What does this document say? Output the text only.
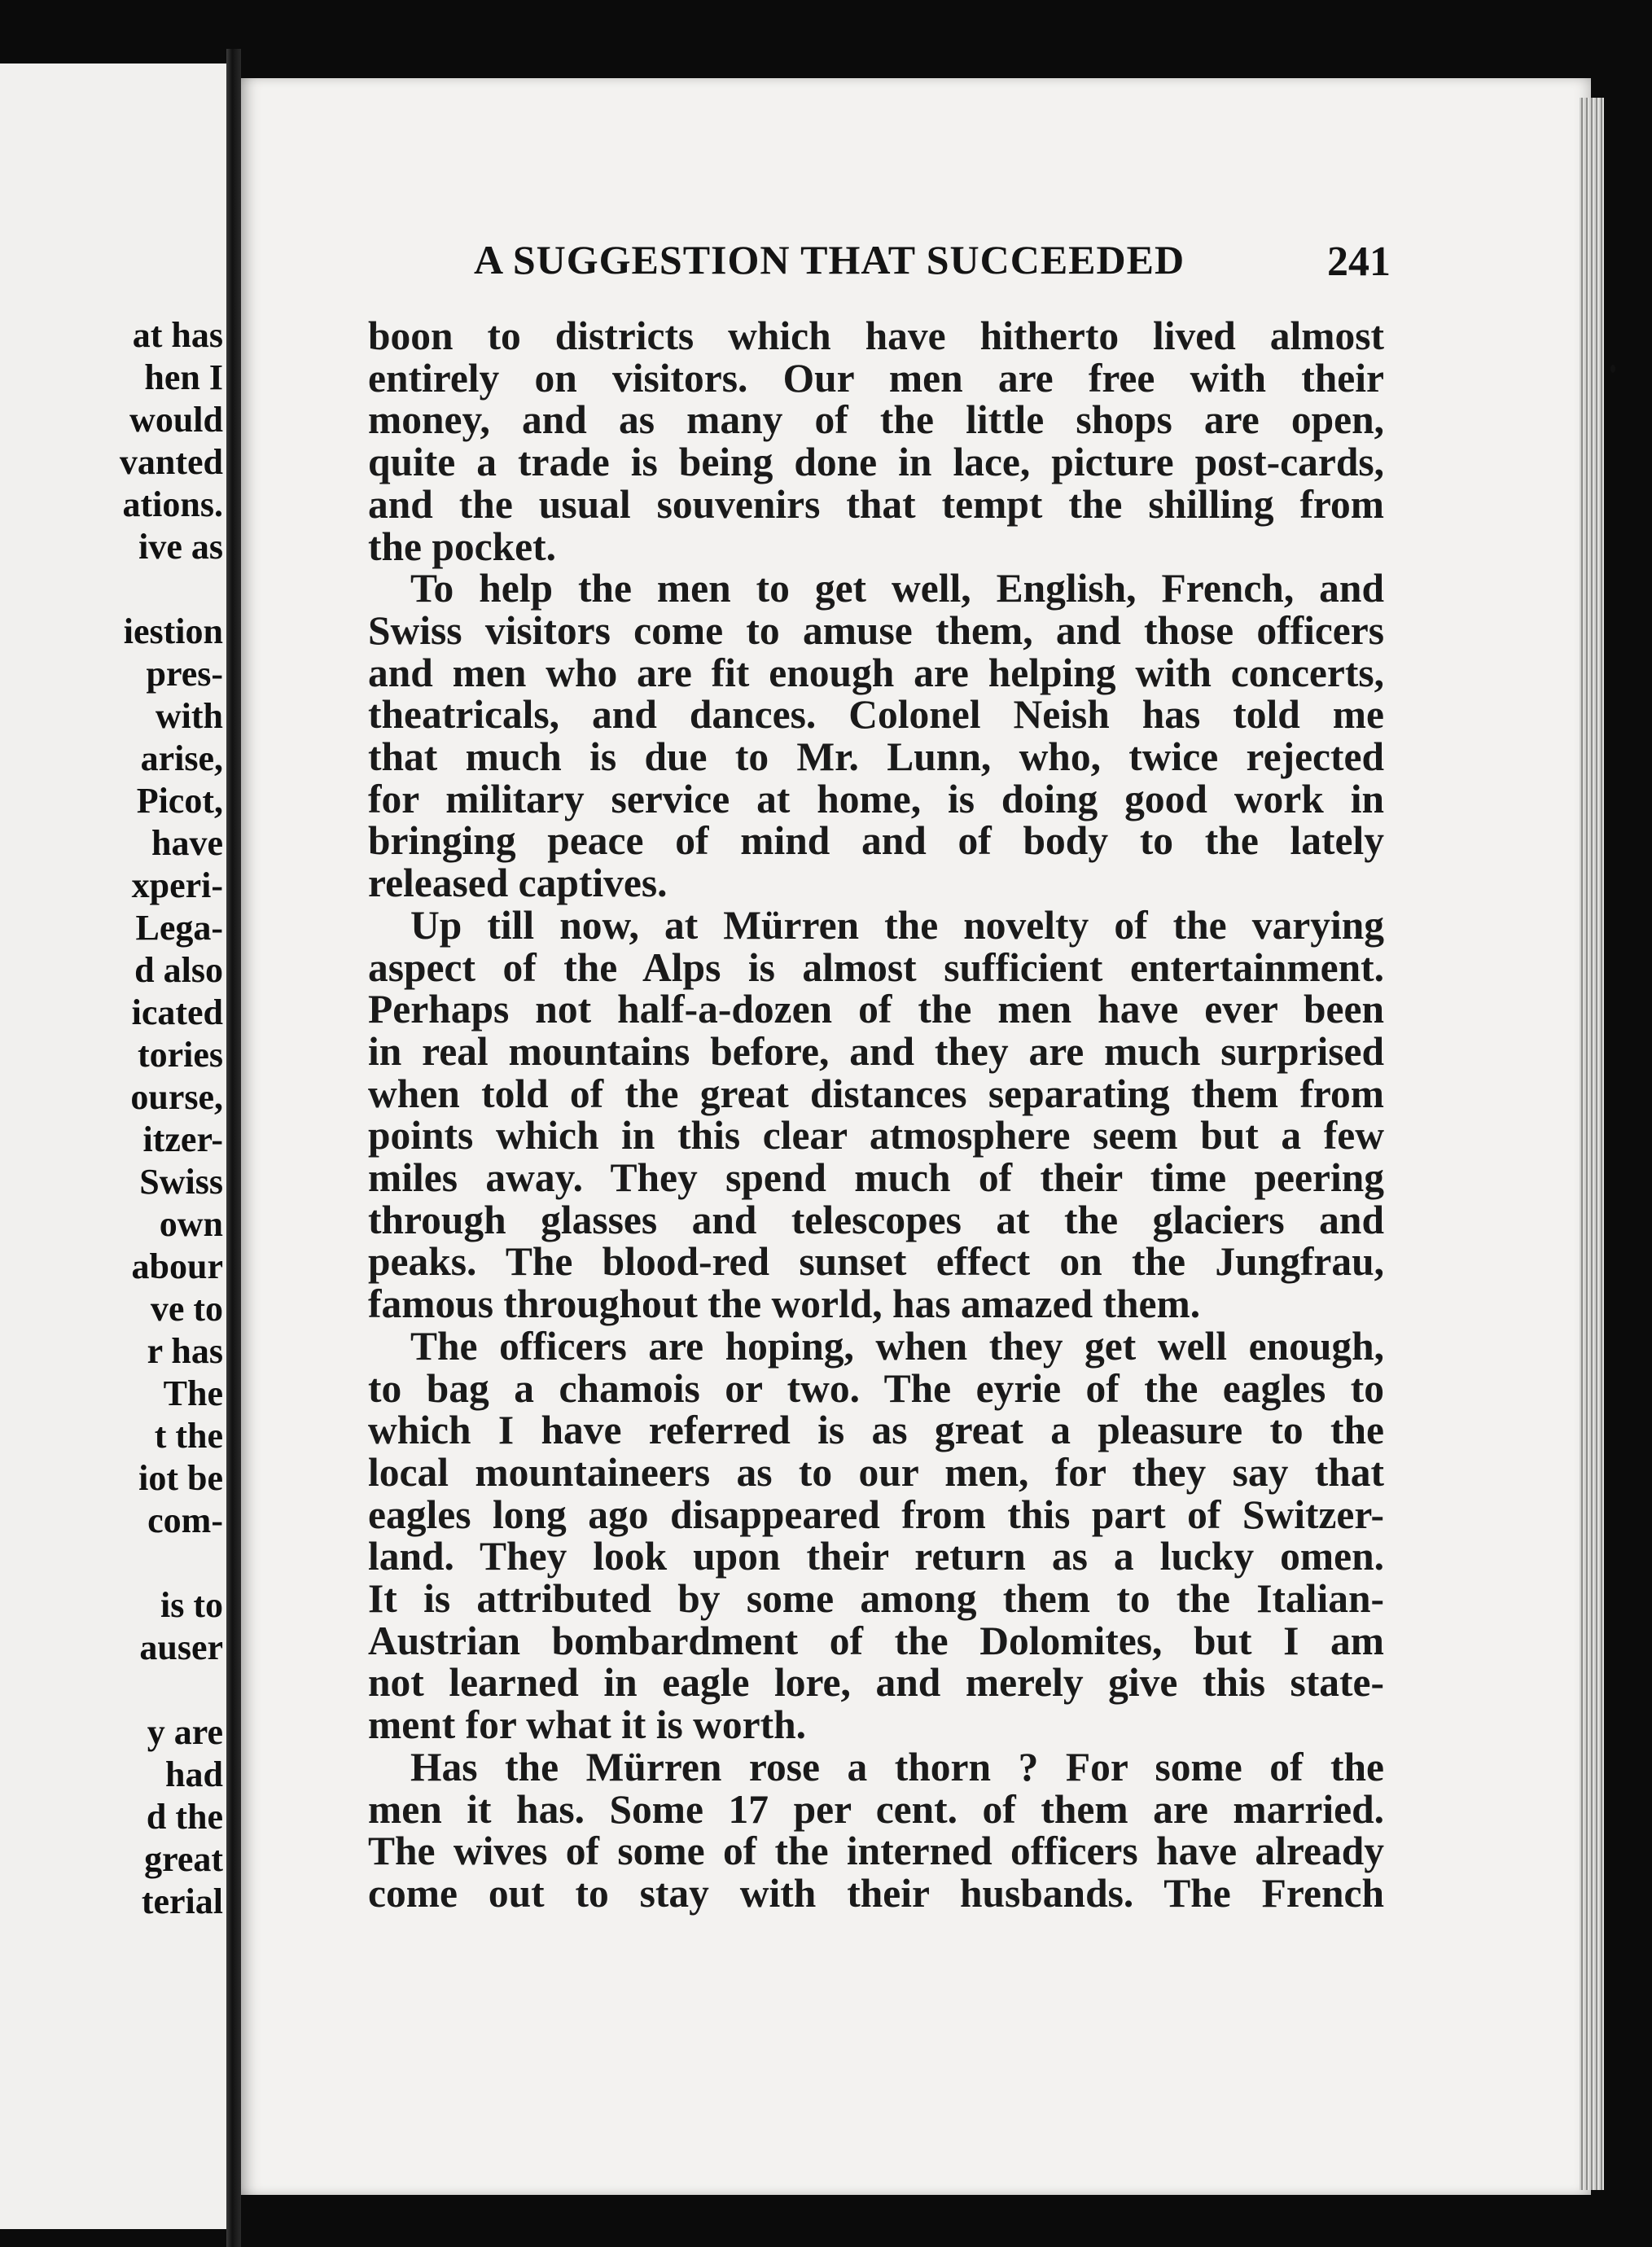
at has
hen I
would
vanted
ations.
ive as
iestion
pres-
with
arise,
Picot,
have
xperi-
Lega-
d also
icated
tories
ourse,
itzer-
Swiss
own
abour
ve to
r has
The
t the
iot be
com-
is to
auser
y are
had
d the
great
terial
A SUGGESTION THAT SUCCEEDED	241
boon to districts which have hitherto lived almost
entirely on visitors. Our men are free with their
money, and as many of the little shops are open,
quite a trade is being done in lace, picture post-cards,
and the usual souvenirs that tempt the shilling from
the pocket.
To help the men to get well, English, French, and
Swiss visitors come to amuse them, and those officers
and men who are fit enough are helping with concerts,
theatricals, and dances. Colonel Neish has told me
that much is due to Mr. Lunn, who, twice rejected
for military service at home, is doing good work in
bringing peace of mind and of body to the lately
released captives.
Up till now, at Mürren the novelty of the varying
aspect of the Alps is almost sufficient entertainment.
Perhaps not half-a-dozen of the men have ever been
in real mountains before, and they are much surprised
when told of the great distances separating them from
points which in this clear atmosphere seem but a few
miles away. They spend much of their time peering
through glasses and telescopes at the glaciers and
peaks. The blood-red sunset effect on the Jungfrau,
famous throughout the world, has amazed them.
The officers are hoping, when they get well enough,
to bag a chamois or two. The eyrie of the eagles to
which I have referred is as great a pleasure to the
local mountaineers as to our men, for they say that
eagles long ago disappeared from this part of Switzer-
land. They look upon their return as a lucky omen.
It is attributed by some among them to the Italian-
Austrian bombardment of the Dolomites, but I am
not learned in eagle lore, and merely give this state-
ment for what it is worth.
Has the Mürren rose a thorn ? For some of the
men it has. Some 17 per cent. of them are married.
The wives of some of the interned officers have already
come out to stay with their husbands. The French
